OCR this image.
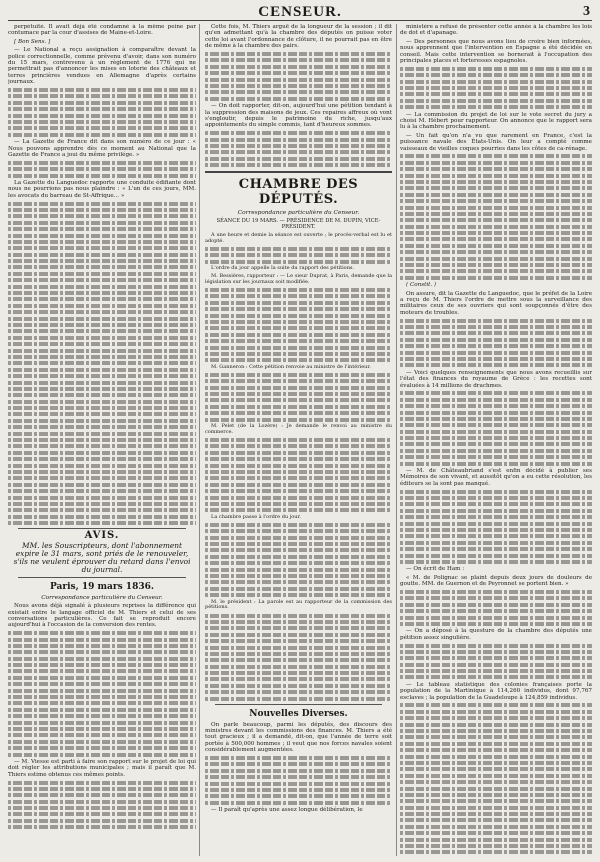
CENSEUR.	3

perpétuité. Il avait déjà été condamné à la même peine par contumace par la cour d'assises de Maine-et-Loire.

[ Bon Sens. ]

— Le National a reçu assignation à comparaître devant la police correctionnelle, comme prévenu d'avoir, dans son numéro du 15 mars, contrevenu à un règlement de 1776 qui ne permettrait pas d'annoncer les mises en loterie des châteaux et terres princières vendues en Allemagne d'après certains journaux.

— La Gazette de France dit dans son numéro de ce jour : « Nous pouvons apprendre dès ce moment au National que la Gazette de France a joui du même privilége. »

La Gazette du Languedoc rapporte une conduite édifiante dont nous ne pourrions pas nous plaindre : « L'un de ces jours, MM. les avocats du barreau de St-Affrique... »

AVIS.

MM. les Souscripteurs, dont l'abonnement expire le 31 mars, sont priés de le renouveler, s'ils ne veulent éprouver du retard dans l'envoi du journal.

Paris, 19 mars 1836.
Correspondance particulière du Censeur.

Nous avons déjà signalé à plusieurs reprises la différence qui existait entre le langage officiel de M. Thiers et celui de ses conversations particulières. Ce fait se reproduit encore aujourd'hui à l'occasion de la conversion des rentes.

— M. Viesse est parti à faire son rapport sur le projet de loi qui doit régler les attributions municipales ; mais il paraît que M. Thiers estime obtenus ces mêmes points.

Cette fois, M. Thiers arguë de la longueur de la session ; il dit qu'en admettant qu'à la chambre des députés on puisse voter cette loi avant l'ordonnance de clôture, il ne pourrait pas en être de même à la chambre des pairs.

— On doit rapporter, dit-on, aujourd'hui une pétition tendant à la suppression des maisons de jeux. Ces repaires affreux où vont s'engloutir, depuis le patrimoine du riche, jusqu'aux appointements du simple commis, tant d'heureux sommes.

CHAMBRE DES DÉPUTÉS.
Correspondance particulière du Censeur.
SÉANCE DU 19 MARS. — PRÉSIDENCE DE M. DUPIN, VICE-PRÉSIDENT.

A une heure et demie la séance est ouverte ; le procès-verbal est lu et adopté.

L'ordre du jour appelle la suite du rapport des pétitions.

M. Bessières, rapporteur : — Le sieur Duprat, à Paris, demande que la législation sur les journaux soit modifiée.

M. Ganneron : Cette pétition renvoie au ministre de l'intérieur.

M. Pelet (de la Lozère) : Je demande le renvoi au ministre du commerce.

La chambre passe à l'ordre du jour.

M. le président : La parole est au rapporteur de la commission des pétitions.

Nouvelles Diverses.

On parle beaucoup, parmi les députés, des discours des ministres devant les commissions des finances. M. Thiers a été tout gracieux ; il a demandé, dit-on, que l'année de terre soit portée à 500,000 hommes ; il veut que nos forces navales soient considérablement augmentées.

— Il paraît qu'après une assez longue délibération, le

ministère a refusé de présenter cette année à la chambre les lois de dot et d'apanage.

— Des personnes que nous avons lieu de croire bien informées, nous apprennent que l'intervention en Espagne a été décidée en conseil. Mais cette intervention se bornerait à l'occupation des principales places et forteresses espagnoles.

— La commission du projet de loi sur le vote secret du jury a choisi M. Hébert pour rapporteur. On annonce que le rapport sera lu à la chambre prochainement.

— Un fait qu'on n'a vu que rarement en France, c'est la puissance navale des États-Unis. On leur a compté comme vaisseaux de vieilles coques pourries dans les côtes de ca-rénage.

( Constit. )

On assure, dit la Gazette du Languedoc, que le préfet de la Loire a reçu de M. Thiers l'ordre de mettre sous la surveillance des militaires ceux de ses ouvriers qui sont soupçonnés d'être des moteurs de troubles.

— Voici quelques renseignements que nous avons recueillis sur l'état des finances du royaume de Grèce : les recettes sont évaluées à 14 millions de drachmes.

— M. de Châteaubriand s'est enfin décidé à publier ses Mémoires de son vivant, et aussitôt qu'on a eu cette résolution, les éditeurs se la sont pas manqué.

— On écrit de Ham :

« M. de Polignac se plaint depuis deux jours de douleurs de goutte. MM. de Guernon et de Peyronnet se portent bien. »

— On a déposé à la questure de la chambre des députés une pétition assez singulière.

— Le tableau statistique des colonies françaises porte la population de la Martinique à 114,260 individus, dont 97,767 esclaves ; la population de la Guadeloupe à 124,859 individus.
